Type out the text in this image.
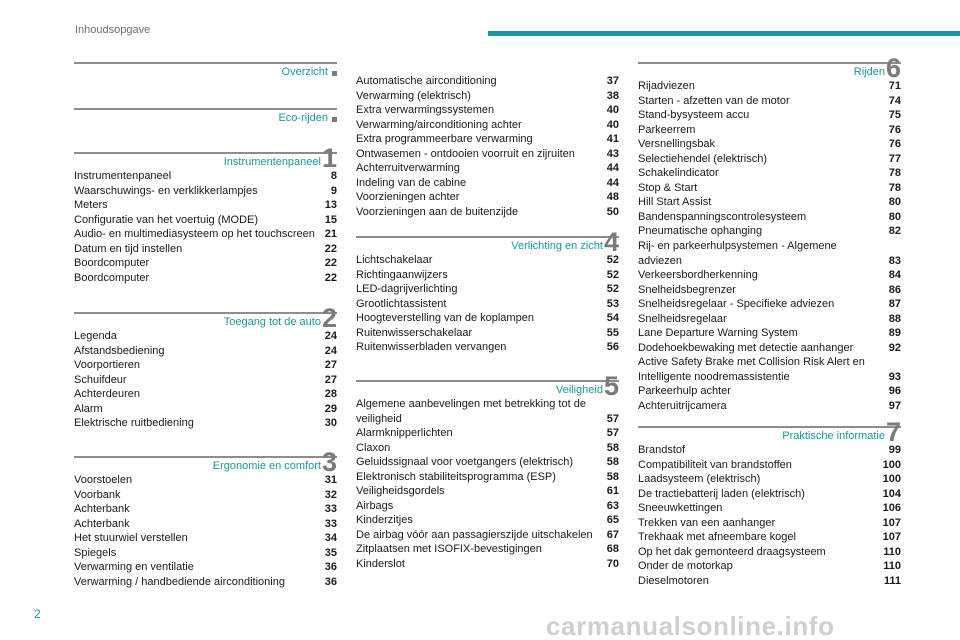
Inhoudsopgave
Overzicht
Eco-rijden
Instrumentenpaneel 1
Instrumentenpaneel	8
Waarschuwings- en verklikkerlampjes	9
Meters	13
Configuratie van het voertuig (MODE)	15
Audio- en multimediasysteem op het touchscreen 21
Datum en tijd instellen	22
Boordcomputer	22
Boordcomputer	22
Toegang tot de auto 2
Legenda	24
Afstandsbediening	24
Voorportieren	27
Schuifdeur	27
Achterdeuren	28
Alarm	29
Elektrische ruitbediening	30
Ergonomie en comfort 3
Voorstoelen	31
Voorbank	32
Achterbank	33
Achterbank	33
Het stuurwiel verstellen	34
Spiegels	35
Verwarming en ventilatie	36
Verwarming / handbediende airconditioning	36
Automatische airconditioning	37
Verwarming (elektrisch)	38
Extra verwarmingssystemen	40
Verwarming/airconditioning achter	40
Extra programmeerbare verwarming	41
Ontwasemen - ontdooien voorruit en zijruiten	43
Achterruitverwarming	44
Indeling van de cabine	44
Voorzieningen achter	48
Voorzieningen aan de buitenzijde	50
Verlichting en zicht 4
Lichtschakelaar	52
Richtingaanwijzers	52
LED-dagrijverlichting	52
Grootlichtassistent	53
Hoogteverstelling van de koplampen	54
Ruitenwisserschakelaar	55
Ruitenwisserbladen vervangen	56
Veiligheid 5
Algemene aanbevelingen met betrekking tot de veiligheid	57
Alarmknipperlichten	57
Claxon	58
Geluidssignaal voor voetgangers (elektrisch)	58
Elektronisch stabiliteitsprogramma (ESP)	58
Veiligheidsgordels	61
Airbags	63
Kinderzitjes	65
De airbag vóór aan passagierszijde uitschakelen	67
Zitplaatsen met ISOFIX-bevestigingen	68
Kinderslot	70
Rijden 6
Rijadviezen	71
Starten - afzetten van de motor	74
Stand-bysysteem accu	75
Parkeerrem	76
Versnellingsbak	76
Selectiehendel (elektrisch)	77
Schakelindicator	78
Stop & Start	78
Hill Start Assist	80
Bandenspanningscontrolesysteem	80
Pneumatische ophanging	82
Rij- en parkeerhulpsystemen - Algemene adviezen	83
Verkeersbordherkenning	84
Snelheidsbegrenzer	86
Snelheidsregelaar - Specifieke adviezen	87
Snelheidsregelaar	88
Lane Departure Warning System	89
Dodehoekbewaking met detectie aanhanger	92
Active Safety Brake met Collision Risk Alert en Intelligente noodremassistentie	93
Parkeerhulp achter	96
Achteruitrijcamera	97
Praktische informatie 7
Brandstof	99
Compatibiliteit van brandstoffen	100
Laadsysteem (elektrisch)	100
De tractiebatterij laden (elektrisch)	104
Sneeuwkettingen	106
Trekken van een aanhanger	107
Trekhaak met afneembare kogel	107
Op het dak gemonteerd draagsysteem	110
Onder de motorkap	110
Dieselmotoren	111
2	carmanualsonline.info
